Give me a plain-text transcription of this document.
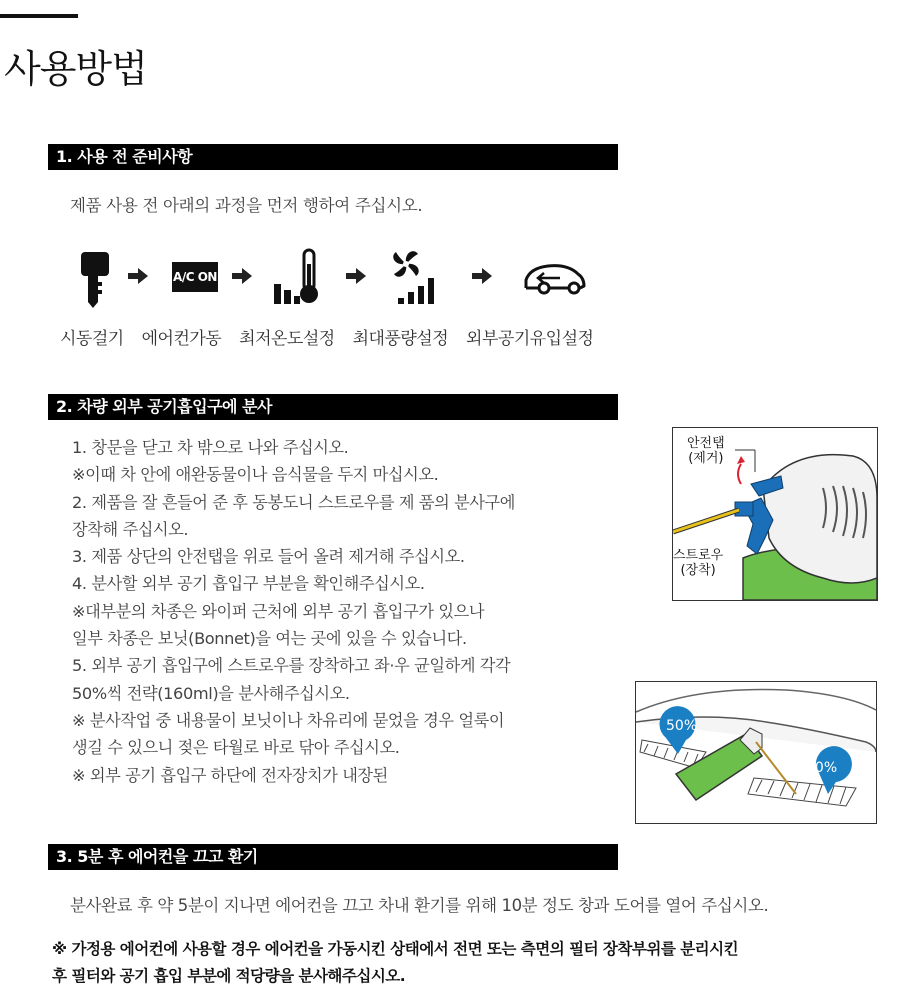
사용방법
1. 사용 전 준비사항
제품 사용 전 아래의 과정을 먼저 행하여 주십시오.
A/C ON
시동걸기 에어컨가동 최저온도설정 최대풍량설정 외부공기유입설정
2. 차량 외부 공기흡입구에 분사
1. 창문을 닫고 차 밖으로 나와 주십시오.
※이때 차 안에 애완동물이나 음식물을 두지 마십시오.
2. 제품을 잘 흔들어 준 후 동봉도니 스트로우를 제 품의 분사구에
장착해 주십시오.
3. 제품 상단의 안전탭을 위로 들어 올려 제거해 주십시오.
4. 분사할 외부 공기 흡입구 부분을 확인해주십시오.
※대부분의 차종은 와이퍼 근처에 외부 공기 흡입구가 있으나
일부 차종은 보닛(Bonnet)을 여는 곳에 있을 수 있습니다.
5. 외부 공기 흡입구에 스트로우를 장착하고 좌·우 균일하게 각각
50%씩 전략(160ml)을 분사해주십시오.
※ 분사작업 중 내용물이 보닛이나 차유리에 묻었을 경우 얼룩이
생길 수 있으니 젖은 타월로 바로 닦아 주십시오.
※ 외부 공기 흡입구 하단에 전자장치가 내장된
안전탭
(제거)
스트로우
(장착)
50%
50%
3. 5분 후 에어컨을 끄고 환기
분사완료 후 약 5분이 지나면 에어컨을 끄고 차내 환기를 위해 10분 정도 창과 도어를 열어 주십시오.
※ 가정용 에어컨에 사용할 경우 에어컨을 가동시킨 상태에서 전면 또는 측면의 필터 장착부위를 분리시킨
후 필터와 공기 흡입 부분에 적당량을 분사해주십시오.
